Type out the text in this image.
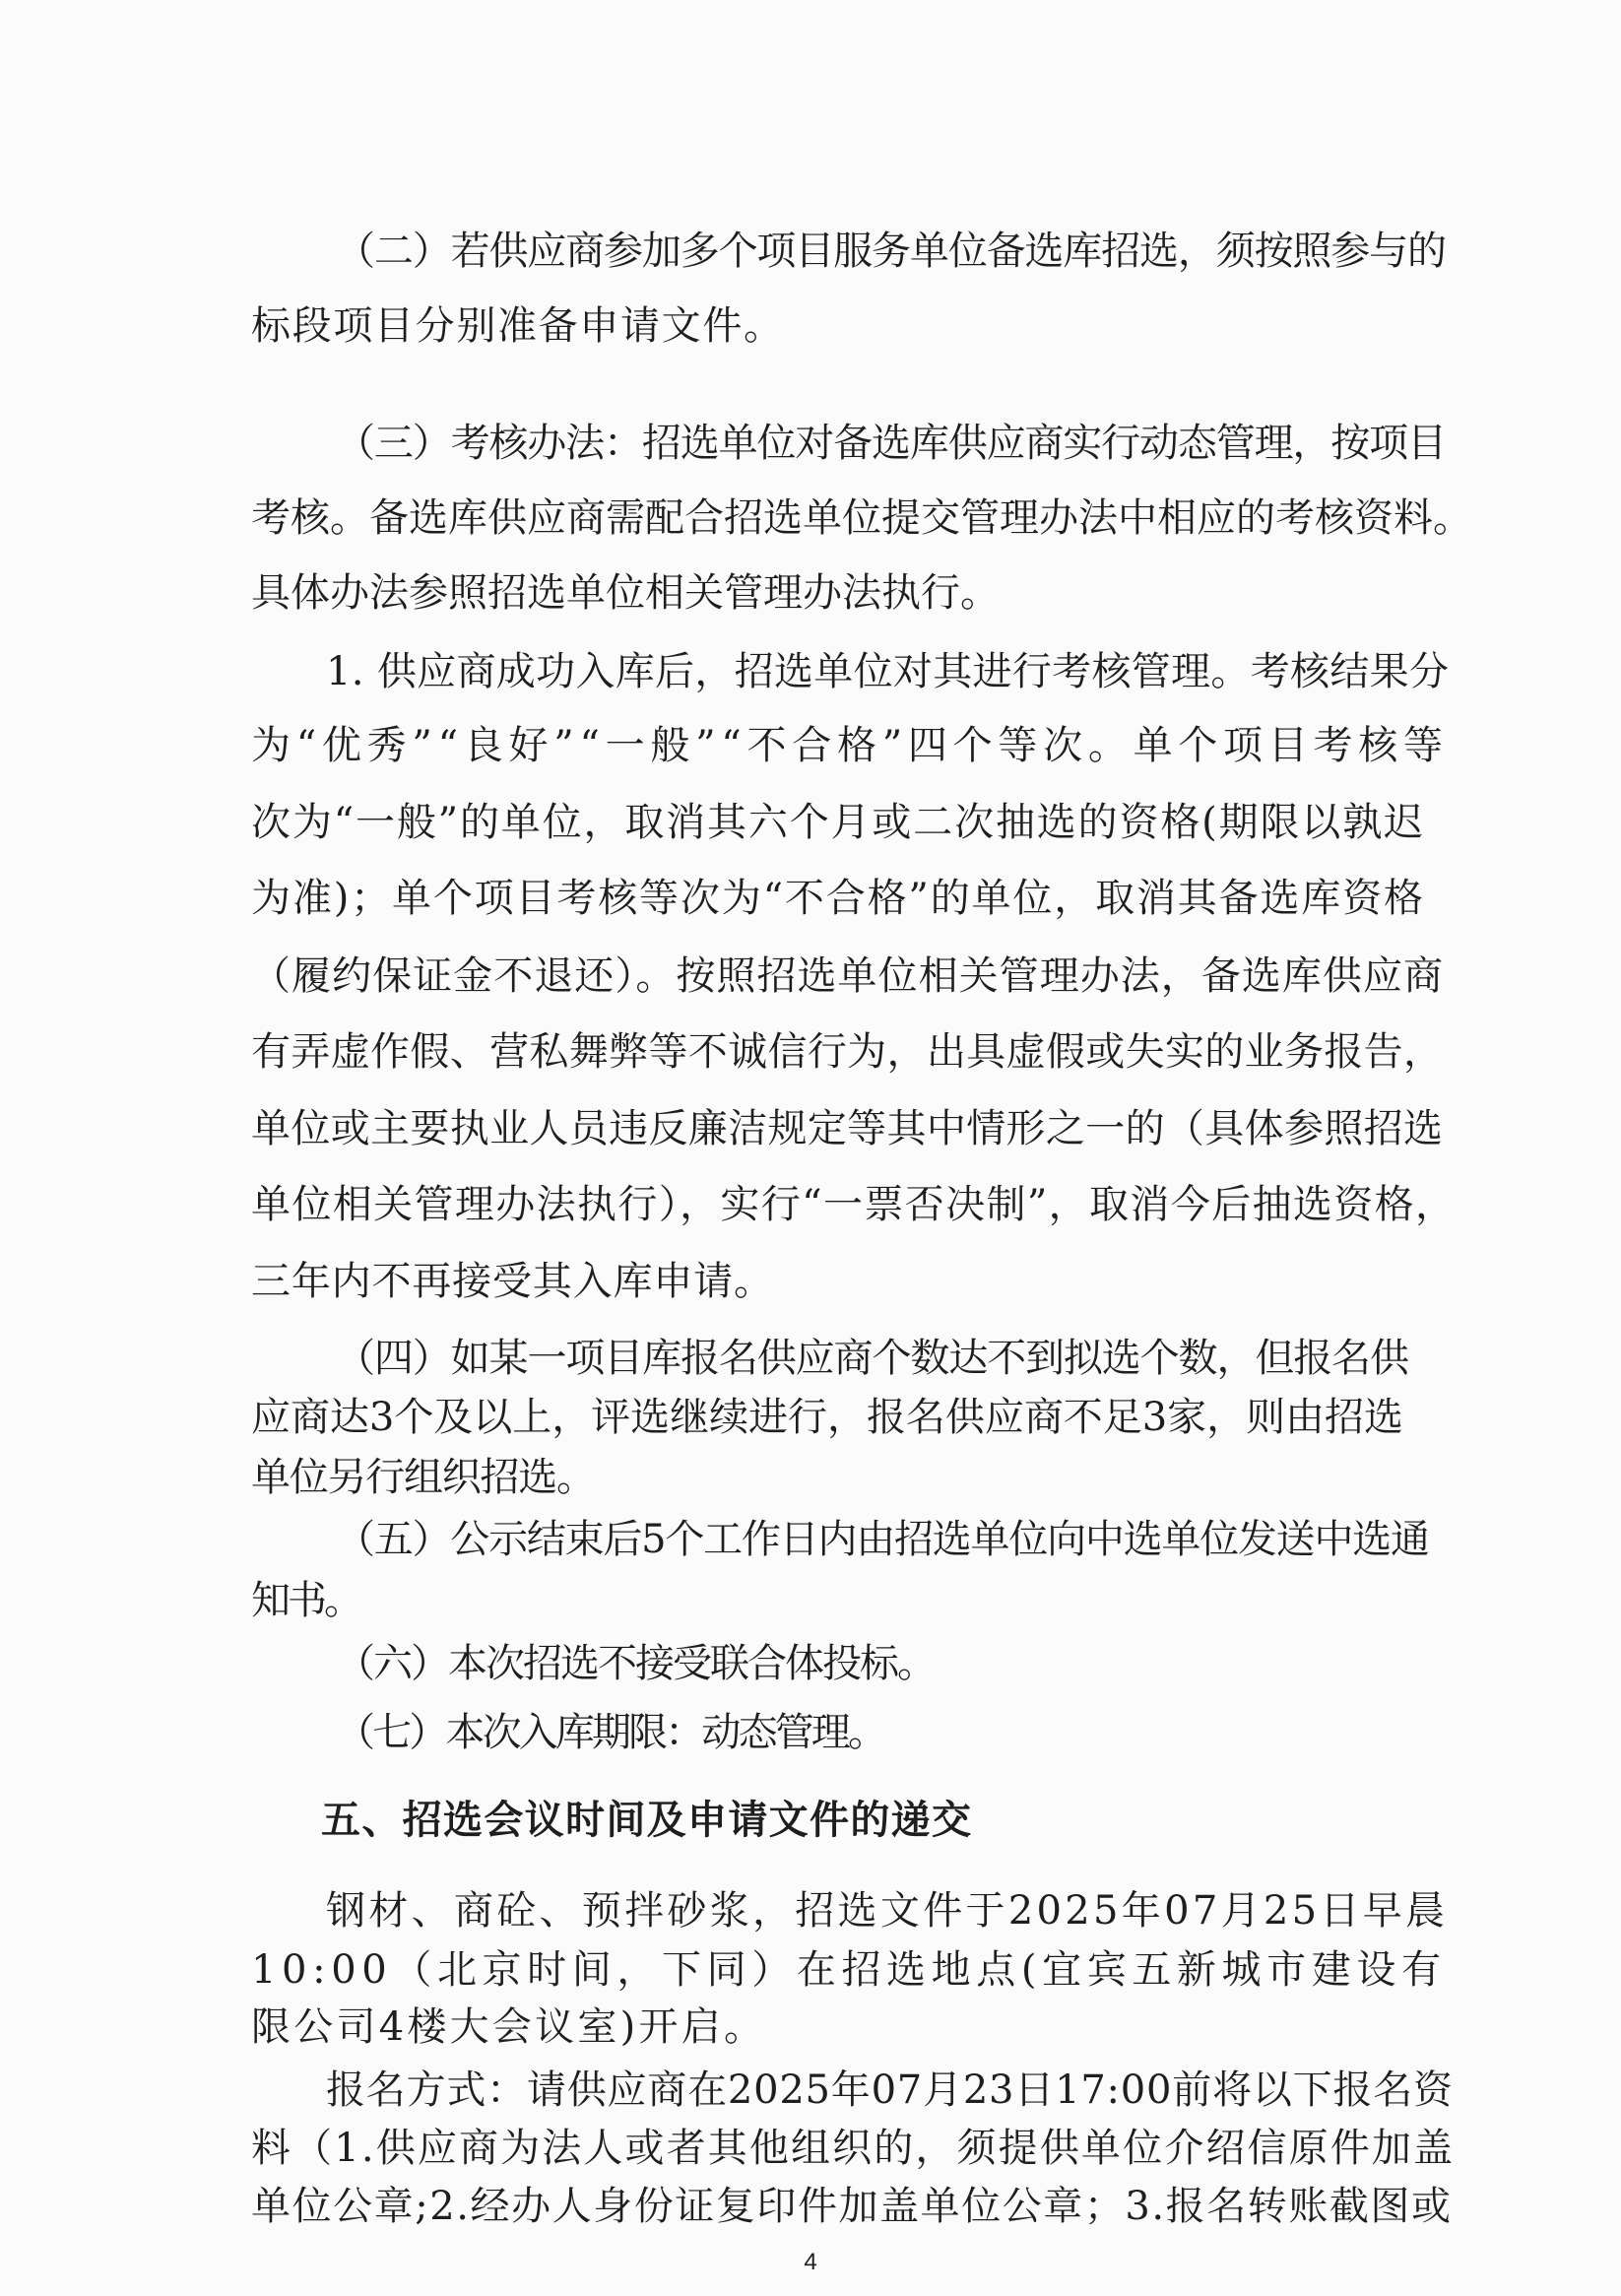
（二）若供应商参加多个项目服务单位备选库招选，须按照参与的
标段项目分别准备申请文件。
（三）考核办法：招选单位对备选库供应商实行动态管理，按项目
考核。备选库供应商需配合招选单位提交管理办法中相应的考核资料。
具体办法参照招选单位相关管理办法执行。
1. 供应商成功入库后，招选单位对其进行考核管理。考核结果分
为“优秀”“良好”“一般”“不合格”四个等次。单个项目考核等
次为“一般”的单位，取消其六个月或二次抽选的资格(期限以孰迟
为准)；单个项目考核等次为“不合格”的单位，取消其备选库资格
（履约保证金不退还）。按照招选单位相关管理办法，备选库供应商
有弄虚作假、营私舞弊等不诚信行为，出具虚假或失实的业务报告，
单位或主要执业人员违反廉洁规定等其中情形之一的（具体参照招选
单位相关管理办法执行），实行“一票否决制”，取消今后抽选资格，
三年内不再接受其入库申请。
（四）如某一项目库报名供应商个数达不到拟选个数，但报名供
应商达3个及以上，评选继续进行，报名供应商不足3家，则由招选
单位另行组织招选。
（五）公示结束后5个工作日内由招选单位向中选单位发送中选通
知书。
（六）本次招选不接受联合体投标。
（七）本次入库期限：动态管理。
五、招选会议时间及申请文件的递交
钢材、商砼、预拌砂浆，招选文件于2025年07月25日早晨
10:00（北京时间，下同）在招选地点(宜宾五新城市建设有
限公司4楼大会议室)开启。
报名方式：请供应商在2025年07月23日17:00前将以下报名资
料（1.供应商为法人或者其他组织的，须提供单位介绍信原件加盖
单位公章;2.经办人身份证复印件加盖单位公章；3.报名转账截图或
4
